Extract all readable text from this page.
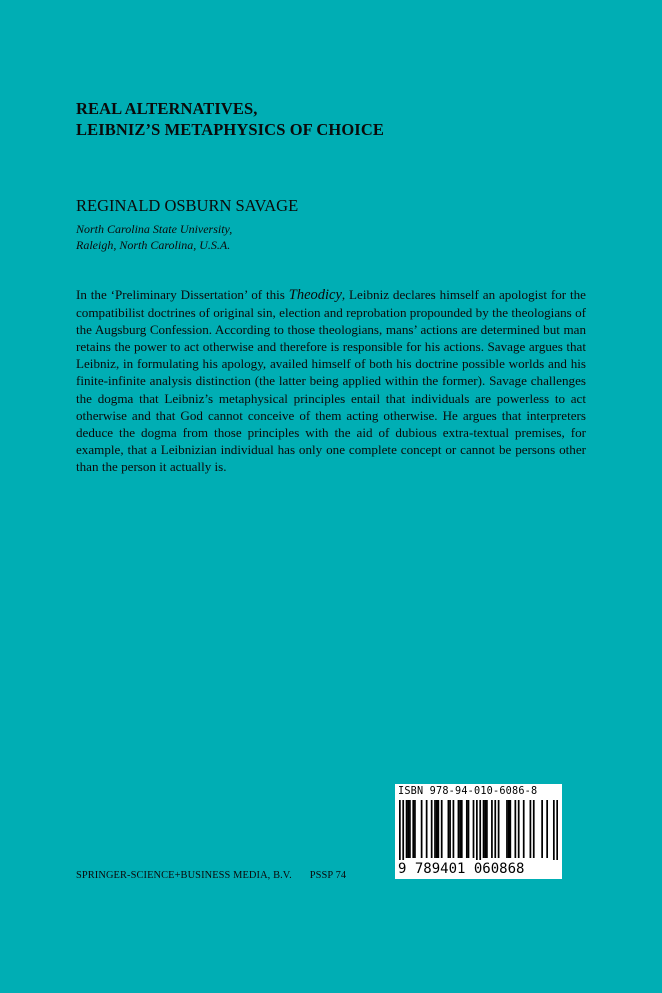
REAL ALTERNATIVES,
LEIBNIZ’S METAPHYSICS OF CHOICE
REGINALD OSBURN SAVAGE
North Carolina State University,
Raleigh, North Carolina, U.S.A.
In the ‘Preliminary Dissertation’ of this Theodicy, Leibniz declares himself an apologist for the compatibilist doctrines of original sin, election and reprobation propounded by the theologians of the Augsburg Confession. According to those theologians, mans’ actions are determined but man retains the power to act otherwise and therefore is responsible for his actions. Savage argues that Leibniz, in formulating his apology, availed himself of both his doctrine possible worlds and his finite-infinite analysis distinction (the latter being applied within the former). Savage challenges the dogma that Leibniz’s metaphysical principles entail that individuals are powerless to act otherwise and that God cannot conceive of them acting otherwise. He argues that interpreters deduce the dogma from those principles with the aid of dubious extra-textual premises, for example, that a Leibnizian individual has only one complete concept or cannot be persons other than the person it actually is.
SPRINGER-SCIENCE+BUSINESS MEDIA, B.V. PSSP 74
ISBN 978-94-010-6086-8
9 789401 060868
